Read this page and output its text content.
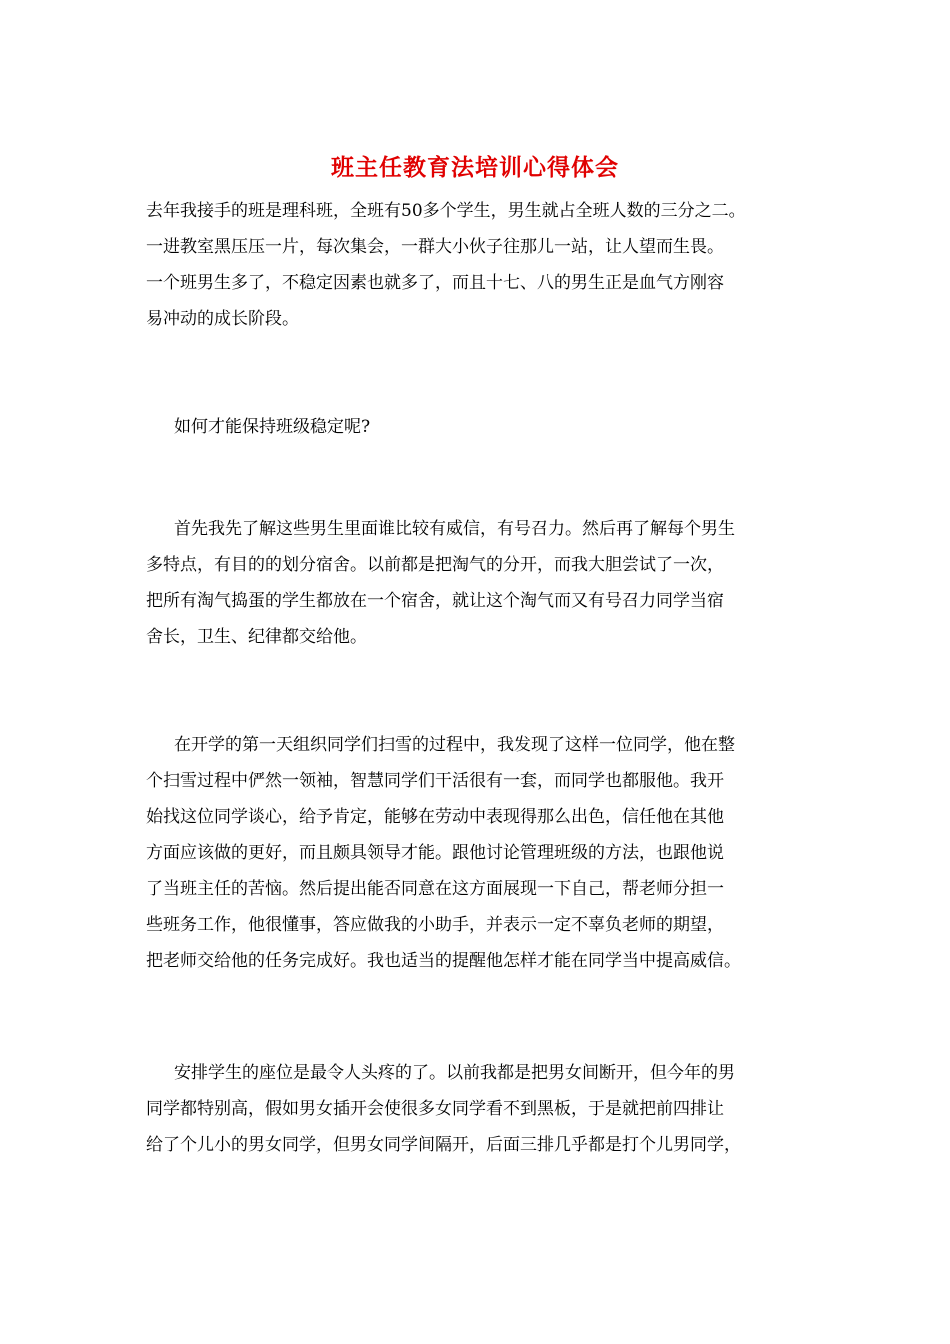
班主任教育法培训心得体会
去年我接手的班是理科班，全班有50多个学生，男生就占全班人数的三分之二。
一进教室黑压压一片，每次集会，一群大小伙子往那儿一站，让人望而生畏。
一个班男生多了，不稳定因素也就多了，而且十七、八的男生正是血气方刚容
易冲动的成长阶段。
如何才能保持班级稳定呢?
首先我先了解这些男生里面谁比较有威信，有号召力。然后再了解每个男生
多特点，有目的的划分宿舍。以前都是把淘气的分开，而我大胆尝试了一次，
把所有淘气捣蛋的学生都放在一个宿舍，就让这个淘气而又有号召力同学当宿
舍长，卫生、纪律都交给他。
在开学的第一天组织同学们扫雪的过程中，我发现了这样一位同学，他在整
个扫雪过程中俨然一领袖，智慧同学们干活很有一套，而同学也都服他。我开
始找这位同学谈心，给予肯定，能够在劳动中表现得那么出色，信任他在其他
方面应该做的更好，而且颇具领导才能。跟他讨论管理班级的方法，也跟他说
了当班主任的苦恼。然后提出能否同意在这方面展现一下自己，帮老师分担一
些班务工作，他很懂事，答应做我的小助手，并表示一定不辜负老师的期望，
把老师交给他的任务完成好。我也适当的提醒他怎样才能在同学当中提高威信。
安排学生的座位是最令人头疼的了。以前我都是把男女间断开，但今年的男
同学都特别高，假如男女插开会使很多女同学看不到黑板，于是就把前四排让
给了个儿小的男女同学，但男女同学间隔开，后面三排几乎都是打个儿男同学，
